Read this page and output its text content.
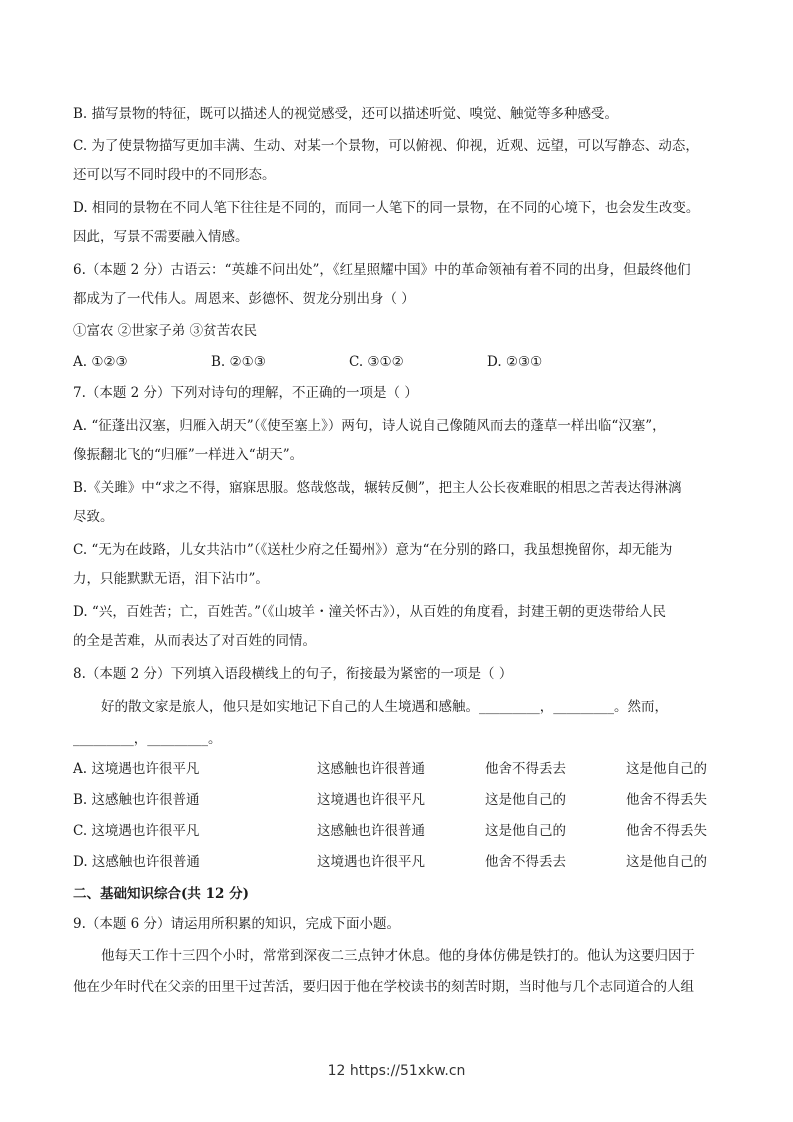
B. 描写景物的特征，既可以描述人的视觉感受，还可以描述听觉、嗅觉、触觉等多种感受。
C. 为了使景物描写更加丰满、生动、对某一个景物，可以俯视、仰视，近观、远望，可以写静态、动态，
还可以写不同时段中的不同形态。
D. 相同的景物在不同人笔下往往是不同的，而同一人笔下的同一景物，在不同的心境下，也会发生改变。
因此，写景不需要融入情感。
6.（本题 2 分）古语云：“英雄不问出处”，《红星照耀中国》中的革命领袖有着不同的出身，但最终他们
都成为了一代伟人。周恩来、彭德怀、贺龙分别出身（ ）
①富农 ②世家子弟 ③贫苦农民
A. ①②③	B. ②①③	C. ③①②	D. ②③①
7.（本题 2 分）下列对诗句的理解，不正确的一项是（ ）
A. “征蓬出汉塞，归雁入胡天”（《使至塞上》）两句，诗人说自己像随风而去的蓬草一样出临“汉塞”，
像振翻北飞的“归雁”一样进入“胡天”。
B.《关雎》中“求之不得，寤寐思服。悠哉悠哉，辗转反侧”，把主人公长夜难眠的相思之苦表达得淋漓
尽致。
C. “无为在歧路，儿女共沾巾”（《送杜少府之任蜀州》）意为“在分别的路口，我虽想挽留你，却无能为
力，只能默默无语，泪下沾巾”。
D. “兴，百姓苦；亡，百姓苦。”（《山坡羊・潼关怀古》），从百姓的角度看，封建王朝的更迭带给人民
的全是苦难，从而表达了对百姓的同情。
8.（本题 2 分）下列填入语段横线上的句子，衔接最为紧密的一项是（ ）
好的散文家是旅人，他只是如实地记下自己的人生境遇和感触。_________，_________。然而，
_________，_________。
A. 这境遇也许很平凡	这感触也许很普通	他舍不得丢去	这是他自己的
B. 这感触也许很普通	这境遇也许很平凡	这是他自己的	他舍不得丢失
C. 这境遇也许很平凡	这感触也许很普通	这是他自己的	他舍不得丢失
D. 这感触也许很普通	这境遇也许很平凡	他舍不得丢去	这是他自己的
二、基础知识综合(共 12 分)
9.（本题 6 分）请运用所积累的知识，完成下面小题。
他每天工作十三四个小时，常常到深夜二三点钟才休息。他的身体仿佛是铁打的。他认为这要归因于
他在少年时代在父亲的田里干过苦活，要归因于他在学校读书的刻苦时期，当时他与几个志同道合的人组
12 https://51xkw.cn
